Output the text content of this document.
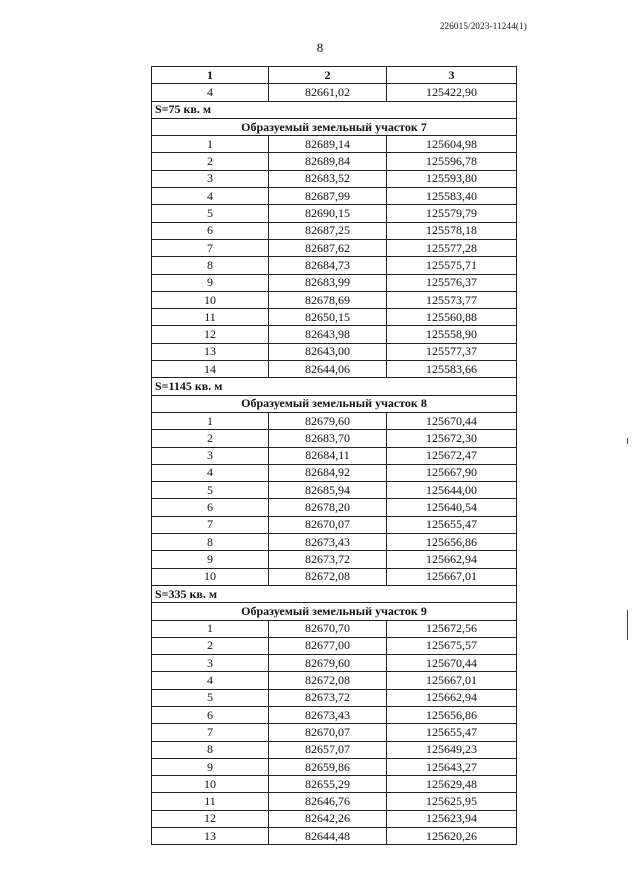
226015/2023-11244(1)
8
1	2	3
4	82661,02	125422,90
S=75 кв. м		
Образуемый земельный участок 7		
1	82689,14	125604,98
2	82689,84	125596,78
3	82683,52	125593,80
4	82687,99	125583,40
5	82690,15	125579,79
6	82687,25	125578,18
7	82687,62	125577,28
8	82684,73	125575,71
9	82683,99	125576,37
10	82678,69	125573,77
11	82650,15	125560,88
12	82643,98	125558,90
13	82643,00	125577,37
14	82644,06	125583,66
S=1145 кв. м		
Образуемый земельный участок 8		
1	82679,60	125670,44
2	82683,70	125672,30
3	82684,11	125672,47
4	82684,92	125667,90
5	82685,94	125644,00
6	82678,20	125640,54
7	82670,07	125655,47
8	82673,43	125656,86
9	82673,72	125662,94
10	82672,08	125667,01
S=335 кв. м		
Образуемый земельный участок 9		
1	82670,70	125672,56
2	82677,00	125675,57
3	82679,60	125670,44
4	82672,08	125667,01
5	82673,72	125662,94
6	82673,43	125656,86
7	82670,07	125655,47
8	82657,07	125649,23
9	82659,86	125643,27
10	82655,29	125629,48
11	82646,76	125625,95
12	82642,26	125623,94
13	82644,48	125620,26
